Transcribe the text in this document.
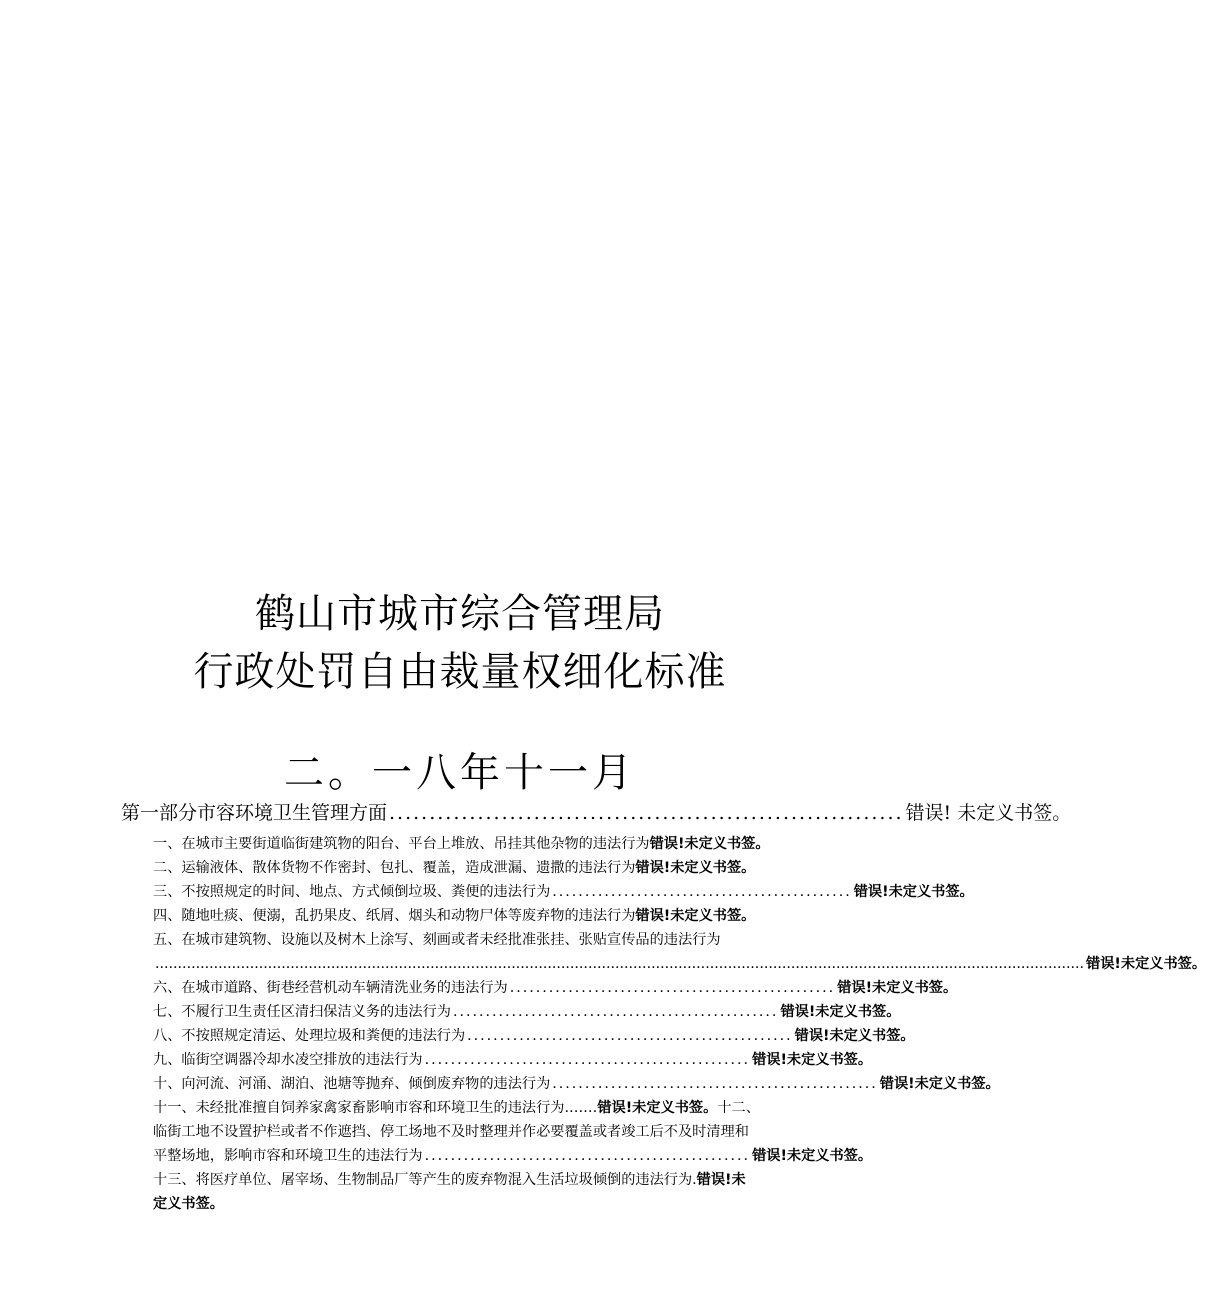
鹤山市城市综合管理局
行政处罚自由裁量权细化标准
二。一八年十一月
第一部分市容环境卫生管理方面 ................................................................ 错误! 未定义书签。
一、在城市主要街道临街建筑物的阳台、平台上堆放、吊挂其他杂物的违法行为 错误!未定义书签。
二、运输液体、散体货物不作密封、包扎、覆盖，造成泄漏、遗撒的违法行为 错误!未定义书签。
三、不按照规定的时间、地点、方式倾倒垃圾、粪便的违法行为 .............................................. 错误!未定义书签。
四、随地吐痰、便溺，乱扔果皮、纸屑、烟头和动物尸体等废弃物的违法行为 错误!未定义书签。
五、在城市建筑物、设施以及树木上涂写、刻画或者未经批准张挂、张贴宣传品的违法行为
.............................................................................................................................................................................................................. 错误!未定义书签。
六、在城市道路、街巷经营机动车辆清洗业务的违法行为 .................................................. 错误!未定义书签。
七、不履行卫生责任区清扫保洁义务的违法行为 .................................................. 错误!未定义书签。
八、不按照规定清运、处理垃圾和粪便的违法行为 .................................................. 错误!未定义书签。
九、临街空调器冷却水凌空排放的违法行为 .................................................. 错误!未定义书签。
十、向河流、河涌、湖泊、池塘等抛弃、倾倒废弃物的违法行为 .................................................. 错误!未定义书签。
十一、未经批准擅自饲养家禽家畜影响市容和环境卫生的违法行为. …… 错误!未定义书签。 十二、
临街工地不设置护栏或者不作遮挡、停工场地不及时整理并作必要覆盖或者竣工后不及时清理和
平整场地，影响市容和环境卫生的违法行为 .................................................. 错误!未定义书签。
十三、将医疗单位、屠宰场、生物制品厂等产生的废弃物混入生活垃圾倾倒的违法行为. 错误!未
定义书签。
